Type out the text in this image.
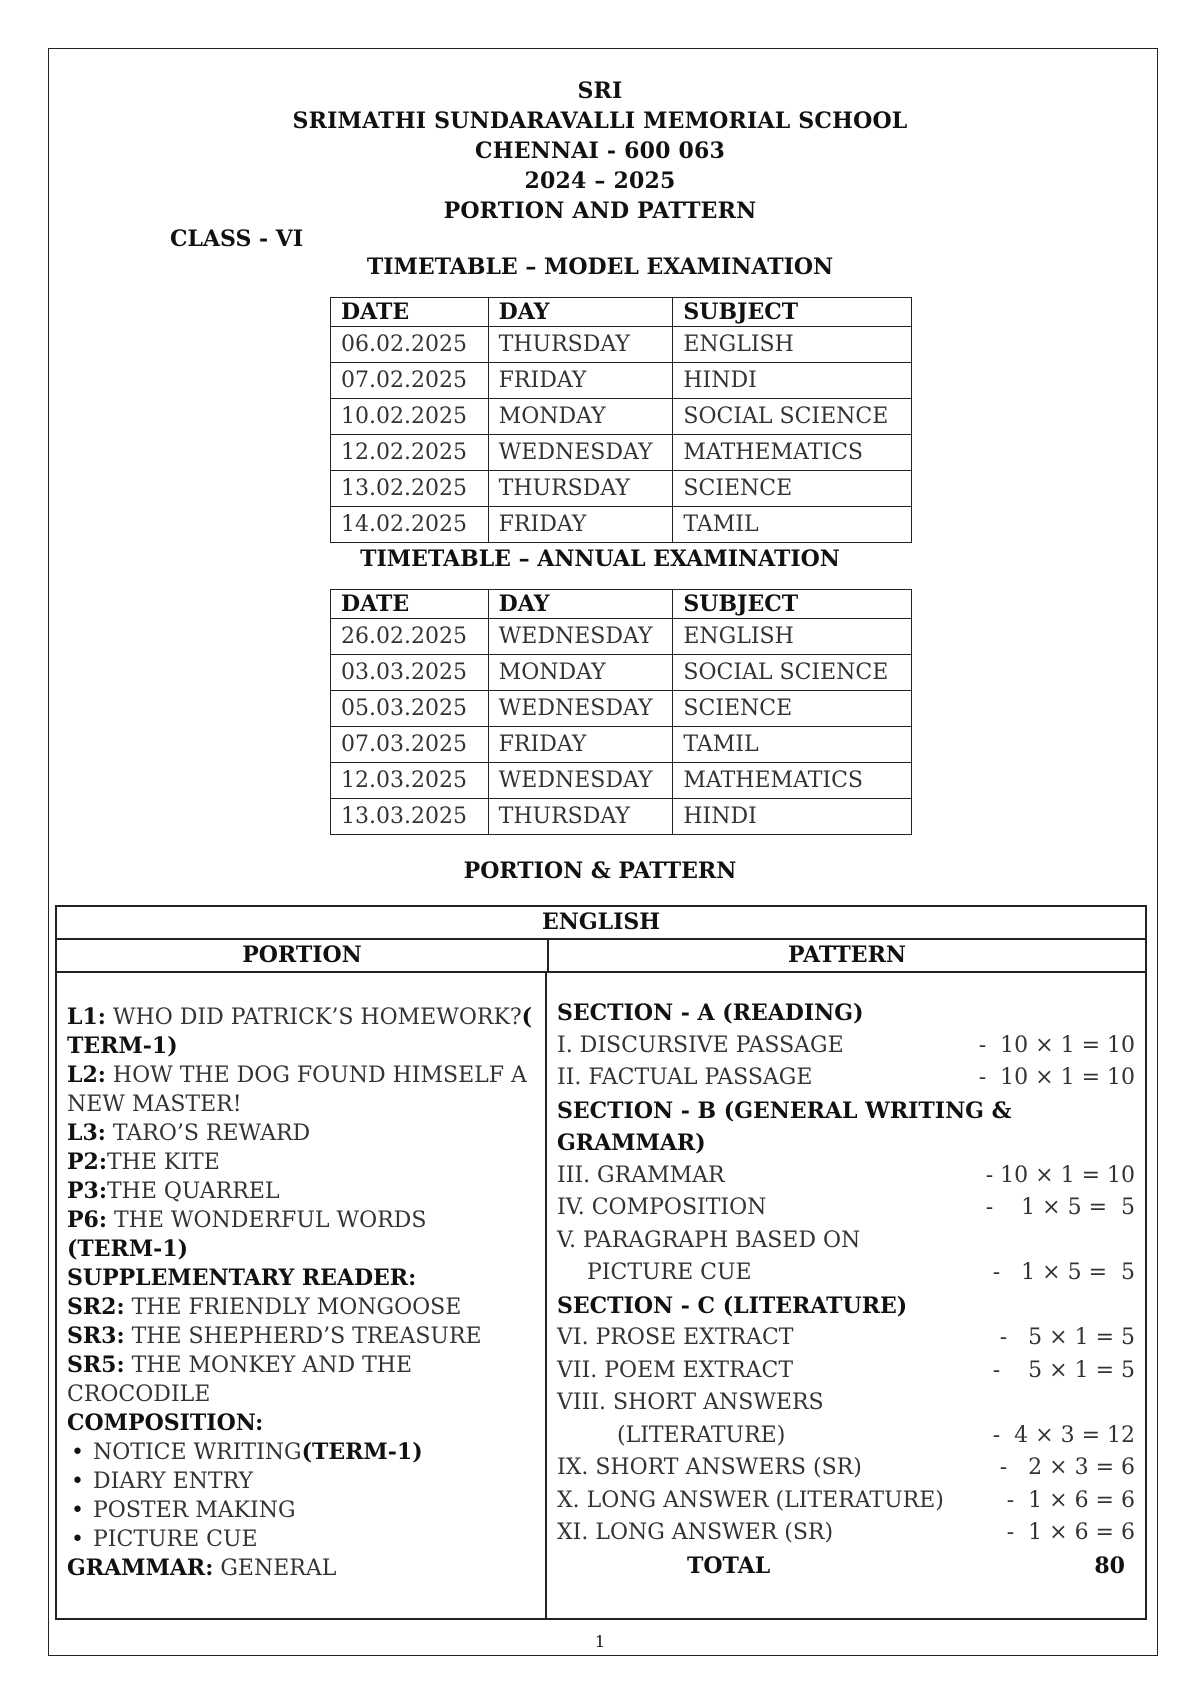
SRI
SRIMATHI SUNDARAVALLI MEMORIAL SCHOOL
CHENNAI - 600 063
2024 – 2025
PORTION AND PATTERN
CLASS - VI
TIMETABLE – MODEL EXAMINATION
DATE	DAY	SUBJECT
06.02.2025	THURSDAY	ENGLISH
07.02.2025	FRIDAY	HINDI
10.02.2025	MONDAY	SOCIAL SCIENCE
12.02.2025	WEDNESDAY	MATHEMATICS
13.02.2025	THURSDAY	SCIENCE
14.02.2025	FRIDAY	TAMIL
TIMETABLE – ANNUAL EXAMINATION
DATE	DAY	SUBJECT
26.02.2025	WEDNESDAY	ENGLISH
03.03.2025	MONDAY	SOCIAL SCIENCE
05.03.2025	WEDNESDAY	SCIENCE
07.03.2025	FRIDAY	TAMIL
12.03.2025	WEDNESDAY	MATHEMATICS
13.03.2025	THURSDAY	HINDI
PORTION & PATTERN
ENGLISH
PORTION	PATTERN
L1: WHO DID PATRICK’S HOMEWORK?( TERM-1)
L2: HOW THE DOG FOUND HIMSELF A NEW MASTER!
L3: TARO’S REWARD
P2:THE KITE
P3:THE QUARREL
P6: THE WONDERFUL WORDS
(TERM-1)
SUPPLEMENTARY READER:
SR2: THE FRIENDLY MONGOOSE
SR3: THE SHEPHERD’S TREASURE
SR5: THE MONKEY AND THE CROCODILE
COMPOSITION:
• NOTICE WRITING(TERM-1)
• DIARY ENTRY
• POSTER MAKING
• PICTURE CUE
GRAMMAR: GENERAL
SECTION - A (READING)
I. DISCURSIVE PASSAGE	-  10 × 1 = 10
II. FACTUAL PASSAGE	-  10 × 1 = 10
SECTION - B (GENERAL WRITING & GRAMMAR)
III. GRAMMAR	- 10 × 1 = 10
IV. COMPOSITION	-    1 × 5 =  5
V. PARAGRAPH BASED ON
PICTURE CUE	-   1 × 5 =  5
SECTION - C (LITERATURE)
VI. PROSE EXTRACT	-   5 × 1 = 5
VII. POEM EXTRACT	-    5 × 1 = 5
VIII. SHORT ANSWERS
(LITERATURE)	-  4 × 3 = 12
IX. SHORT ANSWERS (SR)	-   2 × 3 = 6
X. LONG ANSWER (LITERATURE)	-  1 × 6 = 6
XI. LONG ANSWER (SR)	-  1 × 6 = 6
TOTAL	80
1
